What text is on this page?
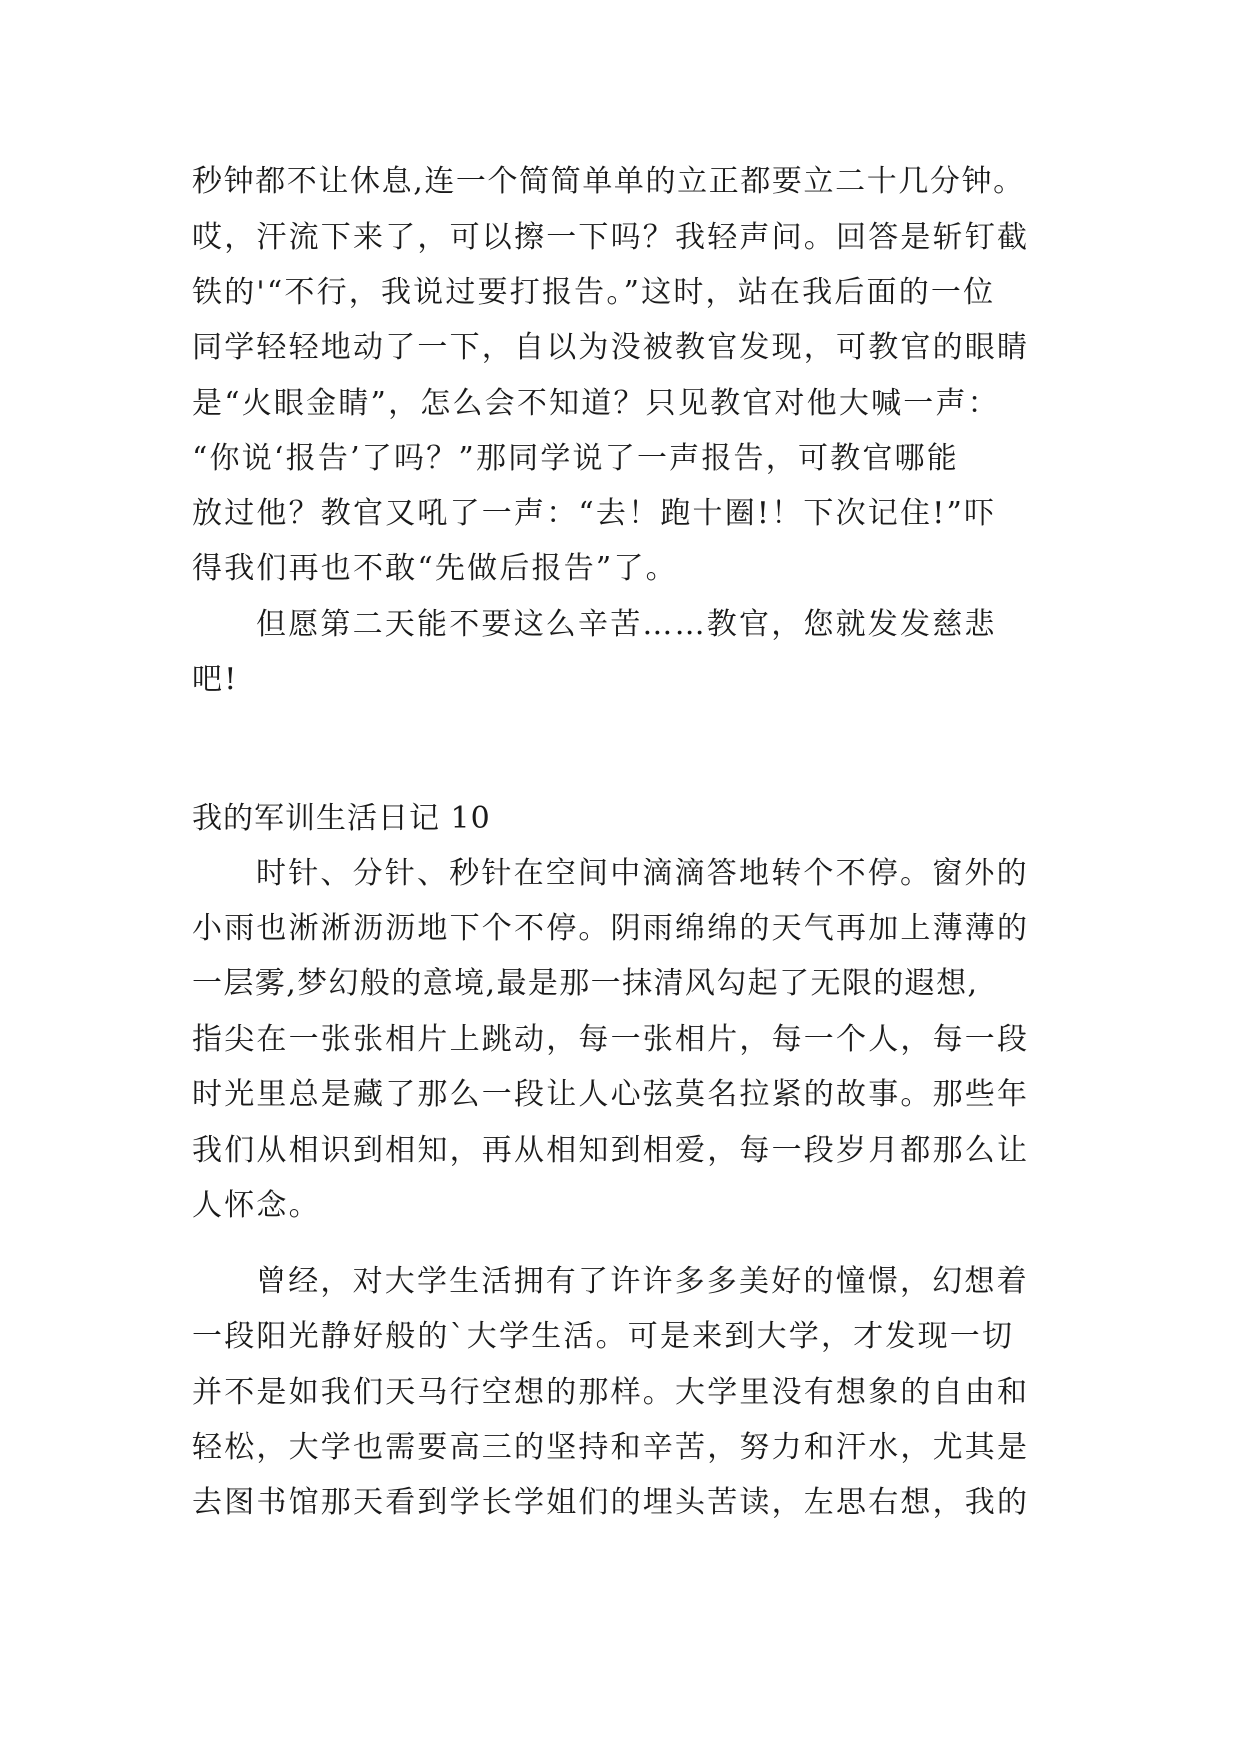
秒钟都不让休息,连一个简简单单的立正都要立二十几分钟。
哎，汗流下来了，可以擦一下吗？我轻声问。回答是斩钉截
铁的'“不行，我说过要打报告。”这时，站在我后面的一位
同学轻轻地动了一下，自以为没被教官发现，可教官的眼睛
是“火眼金睛”，怎么会不知道？只见教官对他大喊一声：
“你说‘报告’了吗？”那同学说了一声报告，可教官哪能
放过他？教官又吼了一声：“去！跑十圈!！下次记住!”吓
得我们再也不敢“先做后报告”了。
但愿第二天能不要这么辛苦……教官，您就发发慈悲
吧!
我的军训生活日记 10
时针、分针、秒针在空间中滴滴答地转个不停。窗外的
小雨也淅淅沥沥地下个不停。阴雨绵绵的天气再加上薄薄的
一层雾,梦幻般的意境,最是那一抹清风勾起了无限的遐想,
指尖在一张张相片上跳动，每一张相片，每一个人，每一段
时光里总是藏了那么一段让人心弦莫名拉紧的故事。那些年
我们从相识到相知，再从相知到相爱，每一段岁月都那么让
人怀念。
曾经，对大学生活拥有了许许多多美好的憧憬，幻想着
一段阳光静好般的`大学生活。可是来到大学，才发现一切
并不是如我们天马行空想的那样。大学里没有想象的自由和
轻松，大学也需要高三的坚持和辛苦，努力和汗水，尤其是
去图书馆那天看到学长学姐们的埋头苦读，左思右想，我的
